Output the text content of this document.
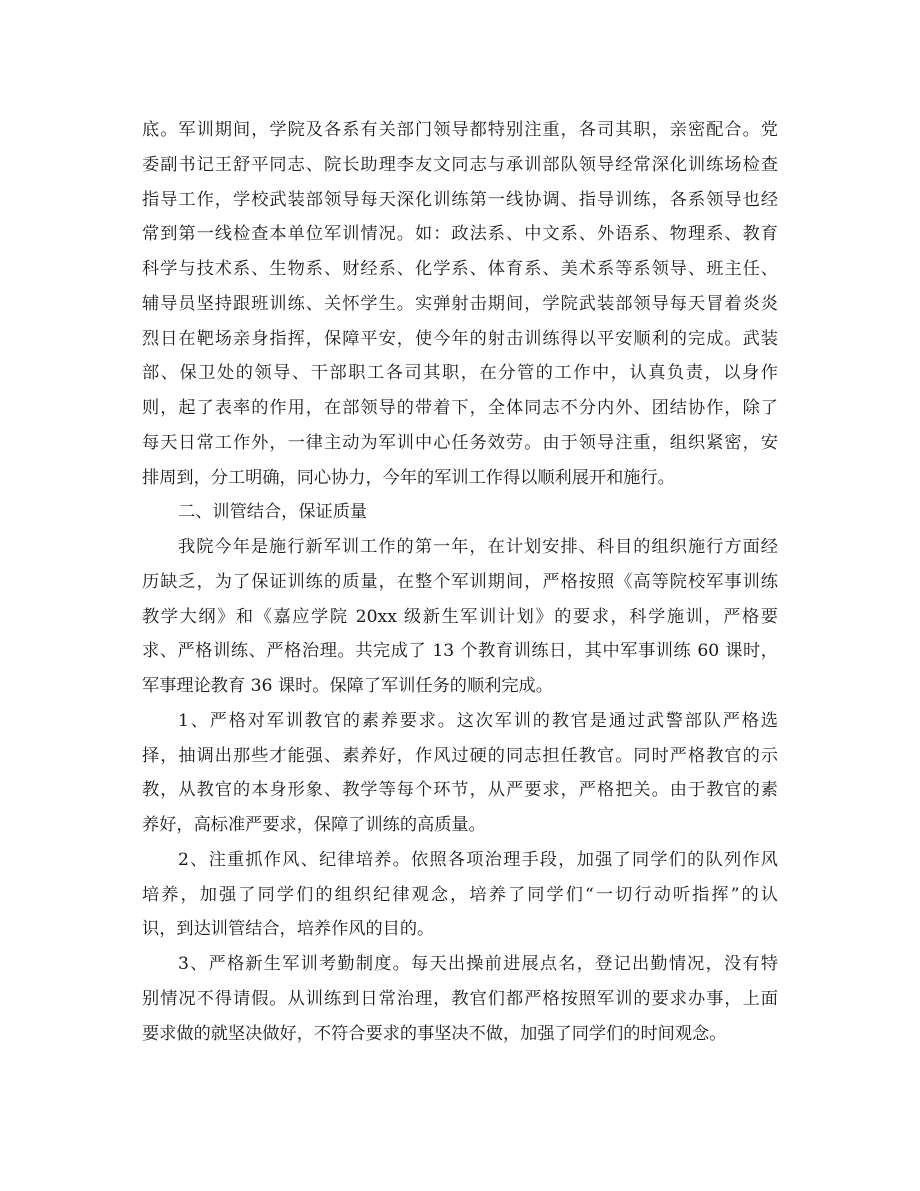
底。军训期间，学院及各系有关部门领导都特别注重，各司其职，亲密配合。党
委副书记王舒平同志、院长助理李友文同志与承训部队领导经常深化训练场检查
指导工作，学校武装部领导每天深化训练第一线协调、指导训练，各系领导也经
常到第一线检查本单位军训情况。如：政法系、中文系、外语系、物理系、教育
科学与技术系、生物系、财经系、化学系、体育系、美术系等系领导、班主任、
辅导员坚持跟班训练、关怀学生。实弹射击期间，学院武装部领导每天冒着炎炎
烈日在靶场亲身指挥，保障平安，使今年的射击训练得以平安顺利的完成。武装
部、保卫处的领导、干部职工各司其职，在分管的工作中，认真负责，以身作
则，起了表率的作用，在部领导的带着下，全体同志不分内外、团结协作，除了
每天日常工作外，一律主动为军训中心任务效劳。由于领导注重，组织紧密，安
排周到，分工明确，同心协力，今年的军训工作得以顺利展开和施行。
二、训管结合，保证质量
我院今年是施行新军训工作的第一年，在计划安排、科目的组织施行方面经
历缺乏，为了保证训练的质量，在整个军训期间，严格按照《高等院校军事训练
教学大纲》和《嘉应学院 20xx 级新生军训计划》的要求，科学施训，严格要
求、严格训练、严格治理。共完成了 13 个教育训练日，其中军事训练 60 课时，
军事理论教育 36 课时。保障了军训任务的顺利完成。
1、严格对军训教官的素养要求。这次军训的教官是通过武警部队严格选
择，抽调出那些才能强、素养好，作风过硬的同志担任教官。同时严格教官的示
教，从教官的本身形象、教学等每个环节，从严要求，严格把关。由于教官的素
养好，高标准严要求，保障了训练的高质量。
2、注重抓作风、纪律培养。依照各项治理手段，加强了同学们的队列作风
培养，加强了同学们的组织纪律观念，培养了同学们“一切行动听指挥”的认
识，到达训管结合，培养作风的目的。
3、严格新生军训考勤制度。每天出操前进展点名，登记出勤情况，没有特
别情况不得请假。从训练到日常治理，教官们都严格按照军训的要求办事，上面
要求做的就坚决做好，不符合要求的事坚决不做，加强了同学们的时间观念。
